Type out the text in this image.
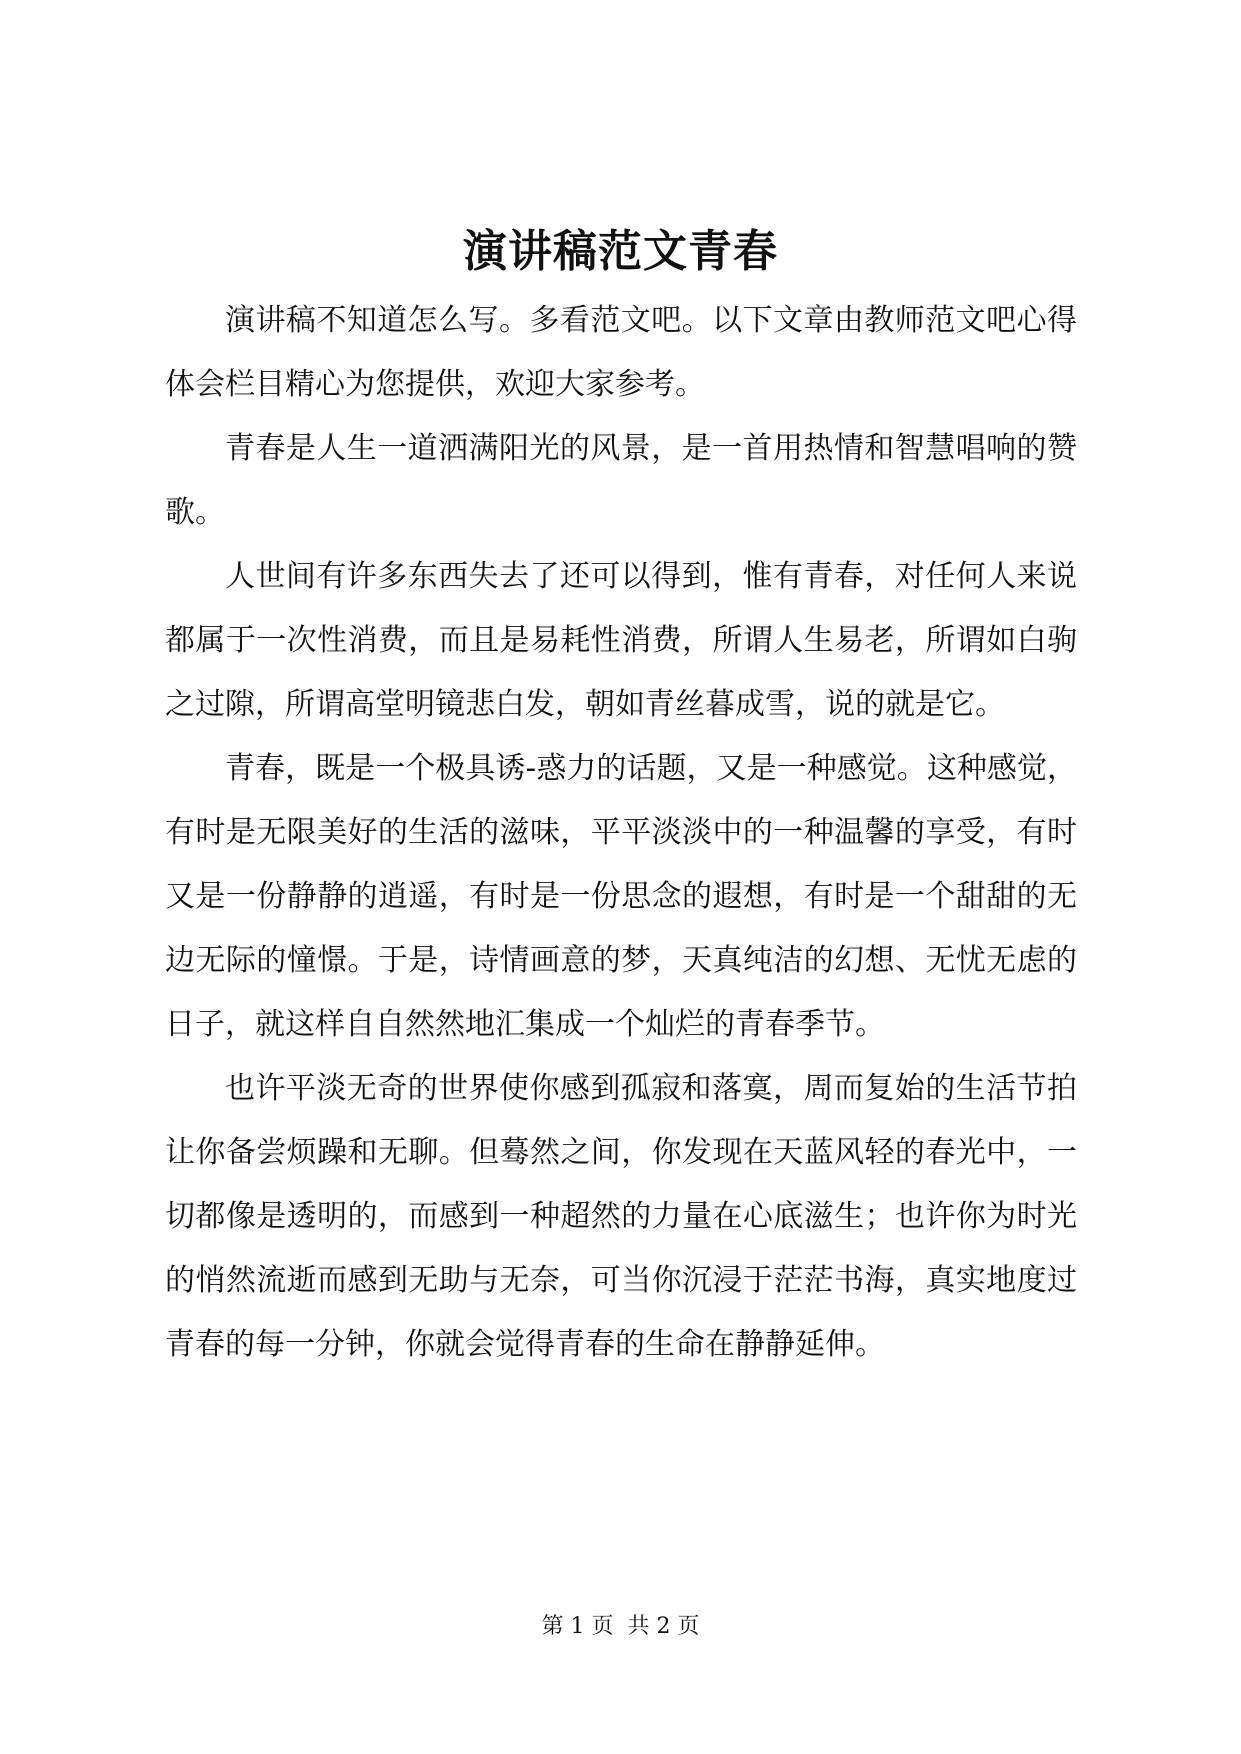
演讲稿范文青春

演讲稿不知道怎么写。多看范文吧。以下文章由教师范文吧心得体会栏目精心为您提供，欢迎大家参考。

青春是人生一道洒满阳光的风景，是一首用热情和智慧唱响的赞歌。

人世间有许多东西失去了还可以得到，惟有青春，对任何人来说都属于一次性消费，而且是易耗性消费，所谓人生易老，所谓如白驹之过隙，所谓高堂明镜悲白发，朝如青丝暮成雪，说的就是它。

青春，既是一个极具诱-惑力的话题，又是一种感觉。这种感觉，有时是无限美好的生活的滋味，平平淡淡中的一种温馨的享受，有时又是一份静静的逍遥，有时是一份思念的遐想，有时是一个甜甜的无边无际的憧憬。于是，诗情画意的梦，天真纯洁的幻想、无忧无虑的日子，就这样自自然然地汇集成一个灿烂的青春季节。

也许平淡无奇的世界使你感到孤寂和落寞，周而复始的生活节拍让你备尝烦躁和无聊。但蓦然之间，你发现在天蓝风轻的春光中，一切都像是透明的，而感到一种超然的力量在心底滋生；也许你为时光的悄然流逝而感到无助与无奈，可当你沉浸于茫茫书海，真实地度过青春的每一分钟，你就会觉得青春的生命在静静延伸。

第 1 页 共 2 页
